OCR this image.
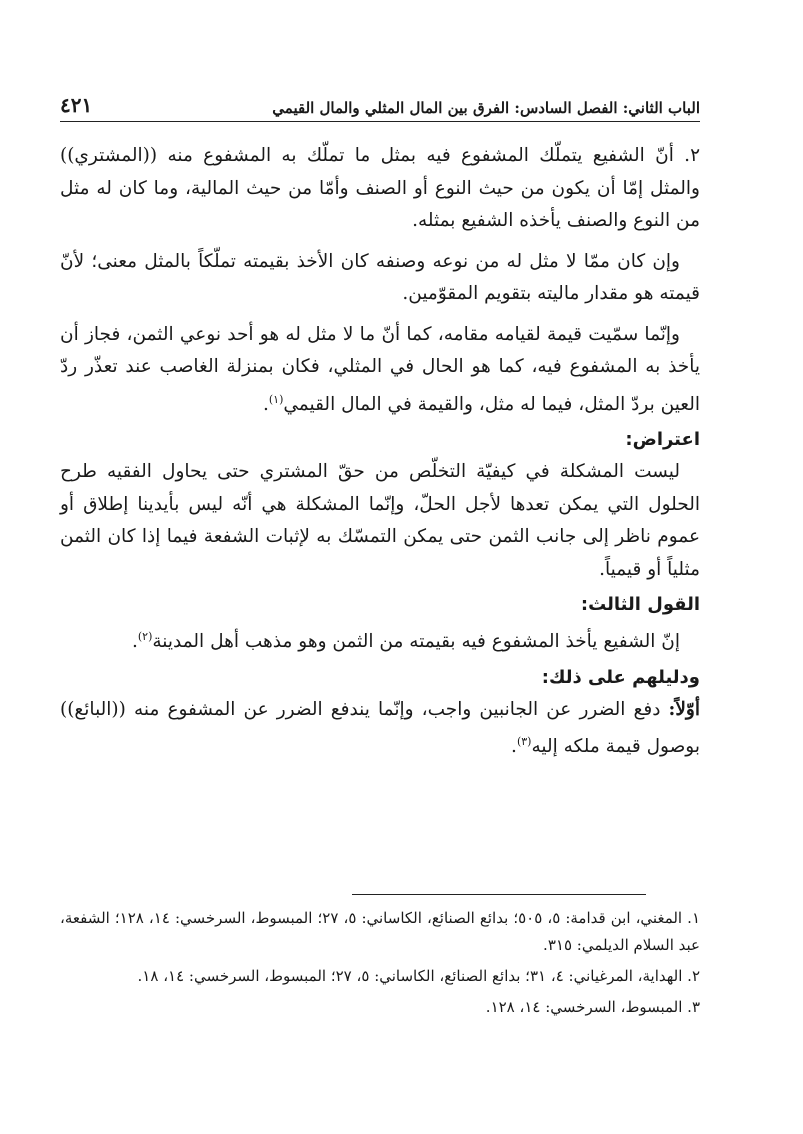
الباب الثاني: الفصل السادس: الفرق بين المال المثلي والمال القيمي
٤٢١

٢. أنّ الشفيع يتملّك المشفوع فيه بمثل ما تملّك به المشفوع منه ((المشتري)) والمثل إمّا أن يكون من حيث النوع أو الصنف وأمّا من حيث المالية، وما كان له مثل من النوع والصنف يأخذه الشفيع بمثله.

وإن كان ممّا لا مثل له من نوعه وصنفه كان الأخذ بقيمته تملّكاً بالمثل معنى؛ لأنّ قيمته هو مقدار ماليته بتقويم المقوّمين.

وإنّما سمّيت قيمة لقيامه مقامه، كما أنّ ما لا مثل له هو أحد نوعي الثمن، فجاز أن يأخذ به المشفوع فيه، كما هو الحال في المثلي، فكان بمنزلة الغاصب عند تعذّر ردّ العين بردّ المثل، فيما له مثل، والقيمة في المال القيمي$^{(١)}$.

اعتراض:

ليست المشكلة في كيفيّة التخلّص من حقّ المشتري حتى يحاول الفقيه طرح الحلول التي يمكن تعدها لأجل الحلّ، وإنّما المشكلة هي أنّه ليس بأيدينا إطلاق أو عموم ناظر إلى جانب الثمن حتى يمكن التمسّك به لإثبات الشفعة فيما إذا كان الثمن مثلياً أو قيمياً.

القول الثالث:

إنّ الشفيع يأخذ المشفوع فيه بقيمته من الثمن وهو مذهب أهل المدينة$^{(٢)}$.

ودليلهم على ذلك:

أوّلاً: دفع الضرر عن الجانبين واجب، وإنّما يندفع الضرر عن المشفوع منه ((البائع)) بوصول قيمة ملكه إليه$^{(٣)}$.

١. المغني، ابن قدامة: ٥، ٥٠٥؛ بدائع الصنائع، الكاساني: ٥، ٢٧؛ المبسوط، السرخسي: ١٤، ١٢٨؛ الشفعة، عبد السلام الديلمي: ٣١٥.

٢. الهداية، المرغياني: ٤، ٣١؛ بدائع الصنائع، الكاساني: ٥، ٢٧؛ المبسوط، السرخسي: ١٤، ١٨.

٣. المبسوط، السرخسي: ١٤، ١٢٨.
